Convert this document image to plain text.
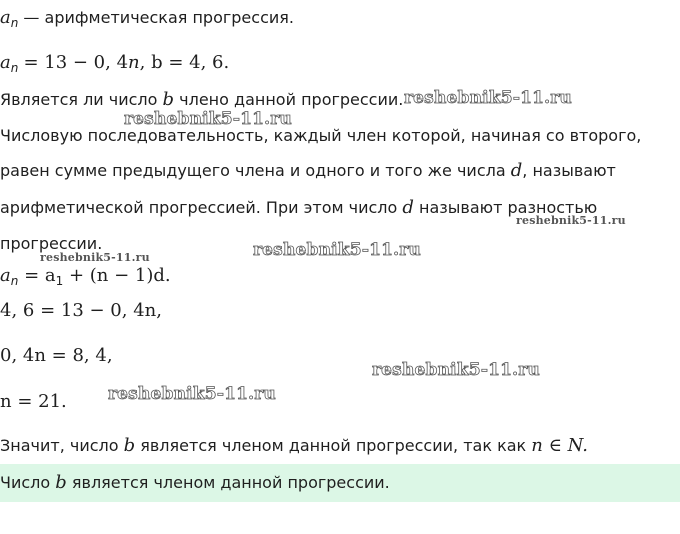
$a_n$ — арифметическая прогрессия.
$a_n = 13 - 0$, 4n, b = 4, 6.
Является ли число b члено данной прогрессии.
Числовую последовательность, каждый член которой, начиная со второго,
равен сумме предыдущего члена и одного и того же числа d, называют
арифметической прогрессией. При этом число d называют разностью
прогрессии.
$a_n = a_1 + (n - 1)d$.
4, 6 = 13 − 0, 4n,
0, 4n = 8, 4,
n = 21.
Значит, число b является членом данной прогрессии, так как n ∈ N.
Число b является членом данной прогрессии.
reshebnik5-11.ru
reshebnik5-11.ru
reshebnik5-11.ru
reshebnik5-11.ru
reshebnik5-11.ru
reshebnik5-11.ru
reshebnik5-11.ru
